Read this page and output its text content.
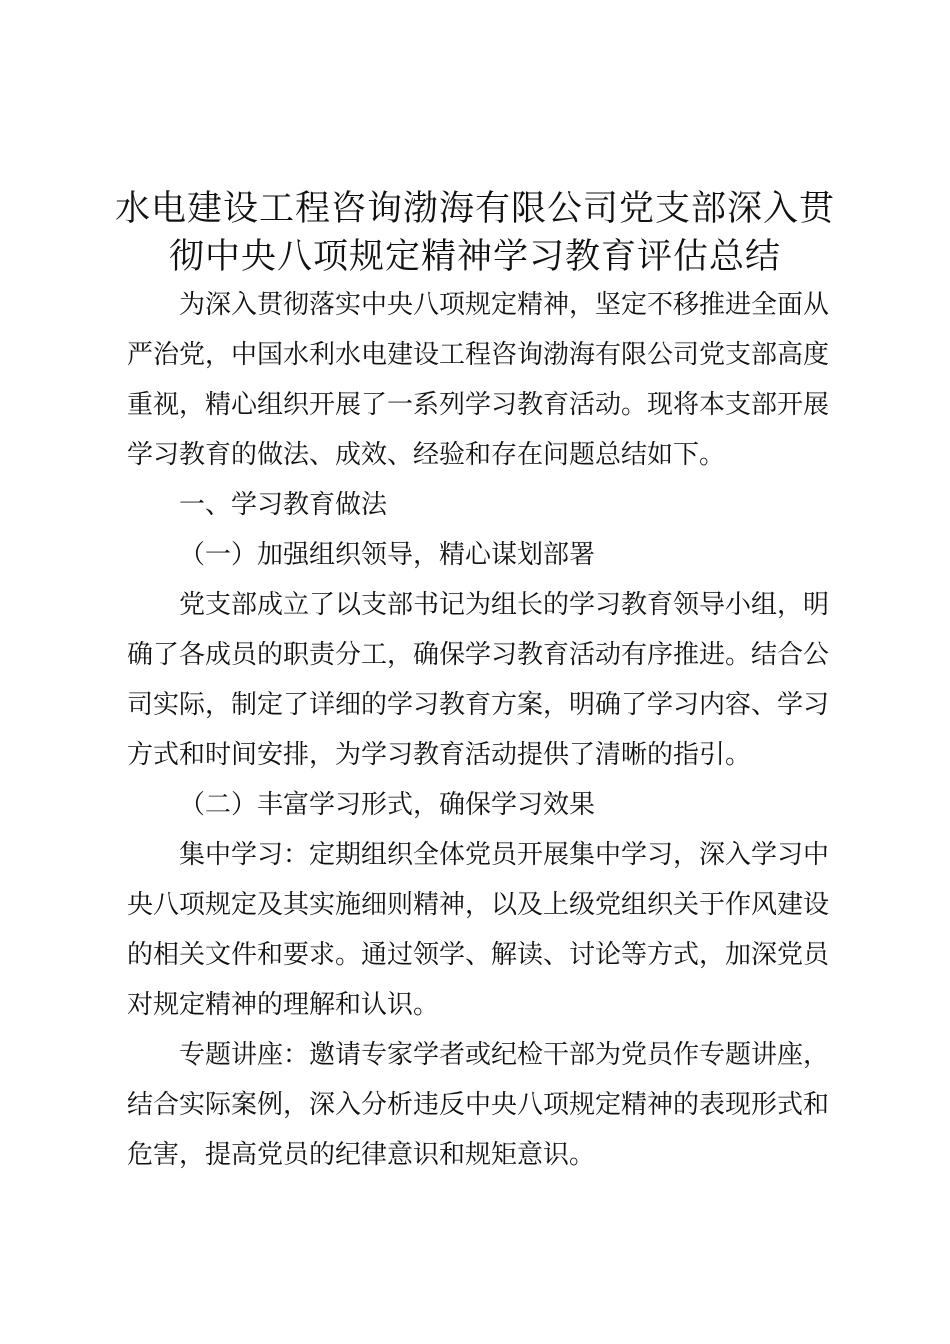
水电建设工程咨询渤海有限公司党支部深入贯
彻中央八项规定精神学习教育评估总结

为深入贯彻落实中央八项规定精神，坚定不移推进全面从

严治党，中国水利水电建设工程咨询渤海有限公司党支部高度

重视，精心组织开展了一系列学习教育活动。现将本支部开展

学习教育的做法、成效、经验和存在问题总结如下。

一、学习教育做法

（一）加强组织领导，精心谋划部署

党支部成立了以支部书记为组长的学习教育领导小组，明

确了各成员的职责分工，确保学习教育活动有序推进。结合公

司实际，制定了详细的学习教育方案，明确了学习内容、学习

方式和时间安排，为学习教育活动提供了清晰的指引。

（二）丰富学习形式，确保学习效果

集中学习：定期组织全体党员开展集中学习，深入学习中

央八项规定及其实施细则精神，以及上级党组织关于作风建设

的相关文件和要求。通过领学、解读、讨论等方式，加深党员

对规定精神的理解和认识。

专题讲座：邀请专家学者或纪检干部为党员作专题讲座，

结合实际案例，深入分析违反中央八项规定精神的表现形式和

危害，提高党员的纪律意识和规矩意识。
